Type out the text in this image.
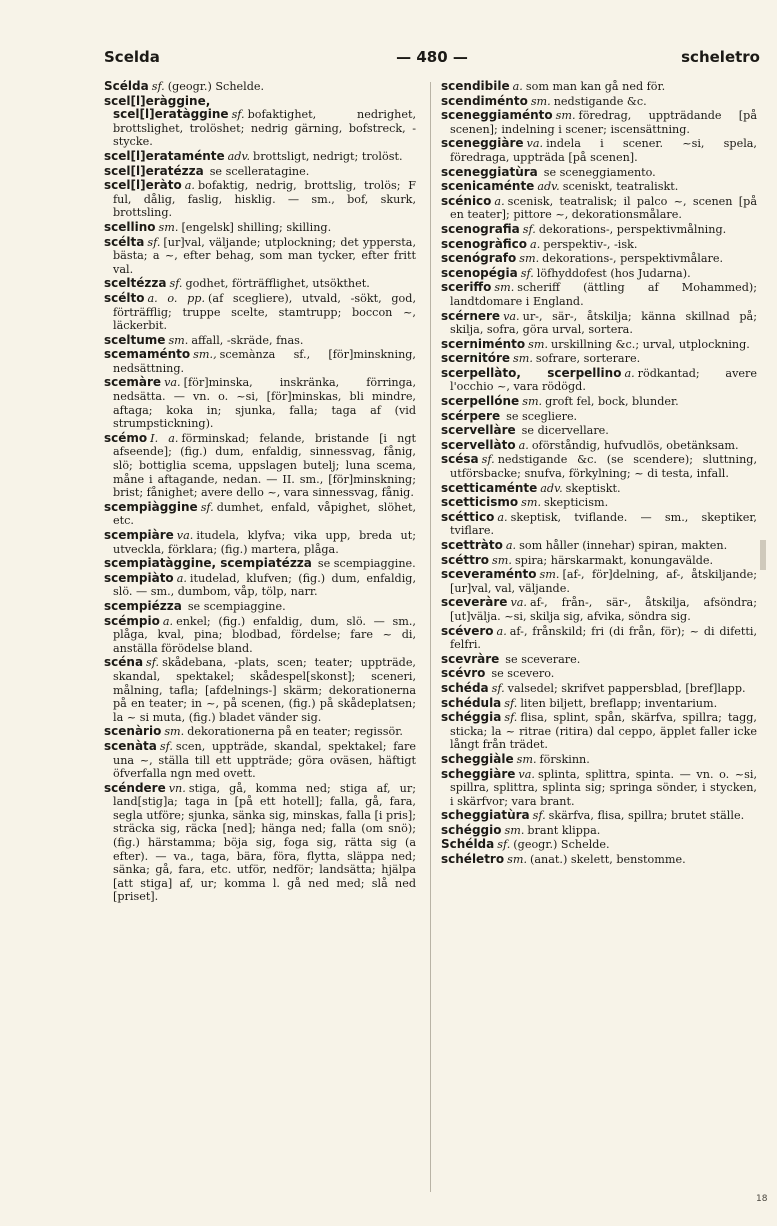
Scelda	— 480 —	scheletro

Scélda sf. (geogr.) Schelde.

scel[l]eràggine, scel[l]eratàggine sf. bofaktighet, nedrighet, brottslighet, trolöshet; nedrig gärning, bofstreck, -stycke.

scel[l]erataménte adv. brottsligt, nedrigt; trolöst.

scel[l]eratézza se scelleratagine.

scel[l]eràto a. bofaktig, nedrig, brottslig, trolös; F ful, dålig, faslig, hisklig. — sm., bof, skurk, brottsling.

scellino sm. [engelsk] shilling; skilling.

scélta sf. [ur]val, väljande; utplockning; det yppersta, bästa; a ~, efter behag, som man tycker, efter fritt val.

sceltézza sf. godhet, förträfflighet, utsökthet.

scélto a. o. pp. (af scegliere), utvald, -sökt, god, förträfflig; truppe scelte, stamtrupp; boccon ~, läckerbit.

sceltume sm. affall, -skräde, fnas.

scemaménto sm., scemànza sf., [för]minskning, nedsättning.

scemàre va. [för]minska, inskränka, förringa, nedsätta. — vn. o. ~si, [för]minskas, bli mindre, aftaga; koka in; sjunka, falla; taga af (vid strumpstickning).

scémo I. a. förminskad; felande, bristande [i ngt afseende]; (fig.) dum, enfaldig, sinnessvag, fånig, slö; bottiglia scema, uppslagen butelj; luna scema, måne i aftagande, nedan. — II. sm., [för]minskning; brist; fånighet; avere dello ~, vara sinnessvag, fånig.

scempiàggine sf. dumhet, enfald, våpighet, slöhet, etc.

scempiàre va. itudela, klyfva; vika upp, breda ut; utveckla, förklara; (fig.) martera, plåga.

scempiatàggine, scempiatézza se scempiaggine.

scempiàto a. itudelad, klufven; (fig.) dum, enfaldig, slö. — sm., dumbom, våp, tölp, narr.

scempiézza se scempiaggine.

scémpio a. enkel; (fig.) enfaldig, dum, slö. — sm., plåga, kval, pina; blodbad, fördelse; fare ~ di, anställa förödelse bland.

scéna sf. skådebana, -plats, scen; teater; uppträde, skandal, spektakel; skådespel[skonst]; sceneri, målning, tafla; [afdelnings-] skärm; dekorationerna på en teater; in ~, på scenen, (fig.) på skådeplatsen; la ~ si muta, (fig.) bladet vänder sig.

scenàrio sm. dekorationerna på en teater; regissör.

scenàta sf. scen, uppträde, skandal, spektakel; fare una ~, ställa till ett uppträde; göra oväsen, häftigt öfverfalla ngn med ovett.

scéndere vn. stiga, gå, komma ned; stiga af, ur; land[stig]a; taga in [på ett hotell]; falla, gå, fara, segla utföre; sjunka, sänka sig, minskas, falla [i pris]; sträcka sig, räcka [ned]; hänga ned; falla (om snö); (fig.) härstamma; böja sig, foga sig, rätta sig (a efter). — va., taga, bära, föra, flytta, släppa ned; sänka; gå, fara, etc. utför, nedför; landsätta; hjälpa [att stiga] af, ur; komma l. gå ned med; slå ned [priset].

scendibile a. som man kan gå ned för.

scendiménto sm. nedstigande &c.

sceneggiaménto sm. föredrag, uppträdande [på scenen]; indelning i scener; iscensättning.

sceneggiàre va. indela i scener. ~si, spela, föredraga, uppträda [på scenen].

sceneggiatùra se sceneggiamento.

scenicaménte adv. sceniskt, teatraliskt.

scénico a. scenisk, teatralisk; il palco ~, scenen [på en teater]; pittore ~, dekorationsmålare.

scenografia sf. dekorations-, perspektivmålning.

scenogràfico a. perspektiv-, -isk.

scenógrafo sm. dekorations-, perspektivmålare.

scenopégia sf. löfhyddofest (hos Judarna).

sceriffo sm. scheriff (ättling af Mohammed); landtdomare i England.

scérnere va. ur-, sär-, åtskilja; känna skillnad på; skilja, sofra, göra urval, sortera.

scerniménto sm. urskillning &c.; urval, utplockning.

scernitóre sm. sofrare, sorterare.

scerpellàto, scerpellino a. rödkantad; avere l'occhio ~, vara rödögd.

scerpellóne sm. groft fel, bock, blunder.

scérpere se scegliere.

scervellàre se dicervellare.

scervellàto a. oförståndig, hufvudlös, obetänksam.

scésa sf. nedstigande &c. (se scendere); sluttning, utförsbacke; snufva, förkylning; ~ di testa, infall.

scetticaménte adv. skeptiskt.

scetticismo sm. skepticism.

scéttico a. skeptisk, tviflande. — sm., skeptiker, tviflare.

scettràto a. som håller (innehar) spiran, makten.

scéttro sm. spira; härskarmakt, konungavälde.

sceveraménto sm. [af-, för]delning, af-, åtskiljande; [ur]val, val, väljande.

sceveràre va. af-, från-, sär-, åtskilja, afsöndra; [ut]välja. ~si, skilja sig, afvika, söndra sig.

scévero a. af-, frånskild; fri (di från, för); ~ di difetti, felfri.

scevràre se sceverare.

scévro se scevero.

schéda sf. valsedel; skrifvet pappersblad, [bref]lapp.

schédula sf. liten biljett, breflapp; inventarium.

schéggia sf. flisa, splint, spån, skärfva, spillra; tagg, sticka; la ~ ritrae (ritira) dal ceppo, äpplet faller icke långt från trädet.

scheggiàle sm. förskinn.

scheggiàre va. splinta, splittra, spinta. — vn. o. ~si, spillra, splittra, splinta sig; springa sönder, i stycken, i skärfvor; vara brant.

scheggiatùra sf. skärfva, flisa, spillra; brutet ställe.

schéggio sm. brant klippa.

Schélda sf. (geogr.) Schelde.

schéletro sm. (anat.) skelett, benstomme.

18
